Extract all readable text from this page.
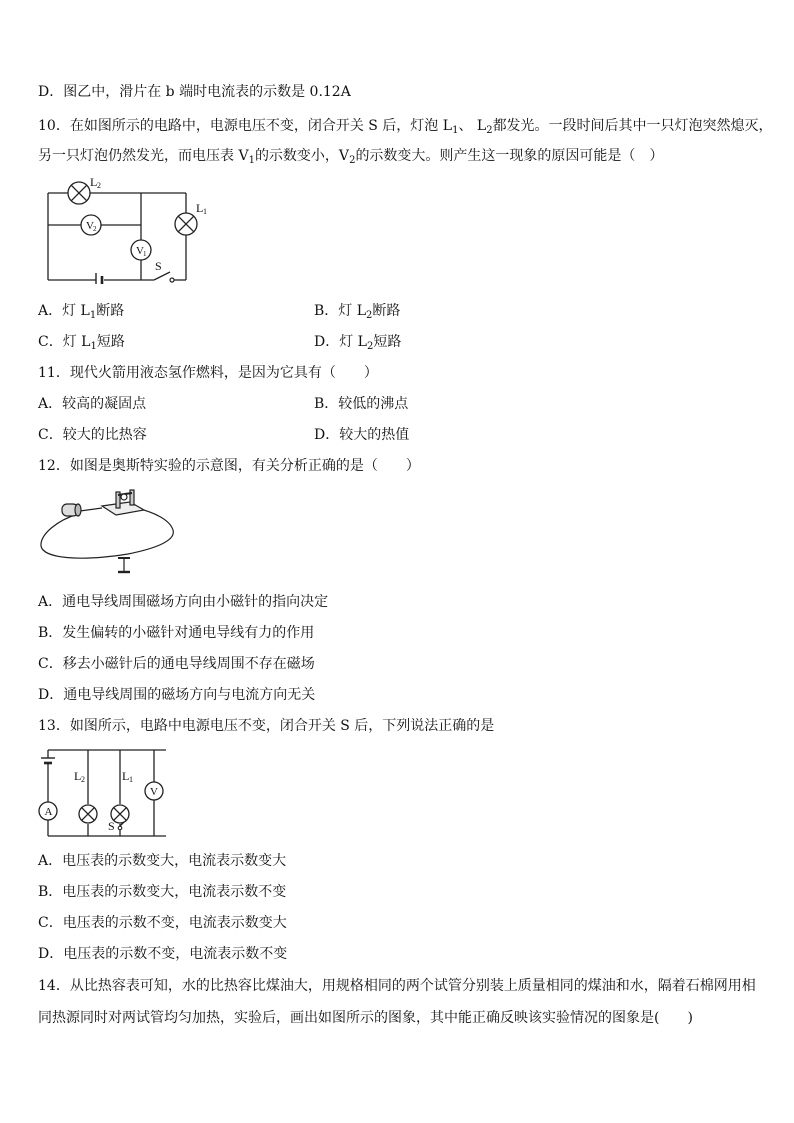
D．图乙中，滑片在 b 端时电流表的示数是 0.12A
10．在如图所示的电路中，电源电压不变，闭合开关 S 后，灯泡 $L_1$、 $L_2$都发光。一段时间后其中一只灯泡突然熄灭，
另一只灯泡仍然发光，而电压表 $V_1$的示数变小，$V_2$的示数变大。则产生这一现象的原因可能是（　）
V 2
V 1
L 2
L 1
S
A．灯 $L_1$断路	B．灯 $L_2$断路
C．灯 $L_1$短路	D．灯 $L_2$短路
11．现代火箭用液态氢作燃料，是因为它具有（　　）
A．较高的凝固点	B．较低的沸点
C．较大的比热容	D．较大的热值
12．如图是奥斯特实验的示意图，有关分析正确的是（　　）
A．通电导线周围磁场方向由小磁针的指向决定
B．发生偏转的小磁针对通电导线有力的作用
C．移去小磁针后的通电导线周围不存在磁场
D．通电导线周围的磁场方向与电流方向无关
13．如图所示，电路中电源电压不变，闭合开关 S 后，下列说法正确的是
A
V
L 2	L 1
S
A．电压表的示数变大，电流表示数变大
B．电压表的示数变大，电流表示数不变
C．电压表的示数不变，电流表示数变大
D．电压表的示数不变，电流表示数不变
14．从比热容表可知，水的比热容比煤油大，用规格相同的两个试管分别装上质量相同的煤油和水，隔着石棉网用相
同热源同时对两试管均匀加热，实验后，画出如图所示的图象，其中能正确反映该实验情况的图象是(　　)
